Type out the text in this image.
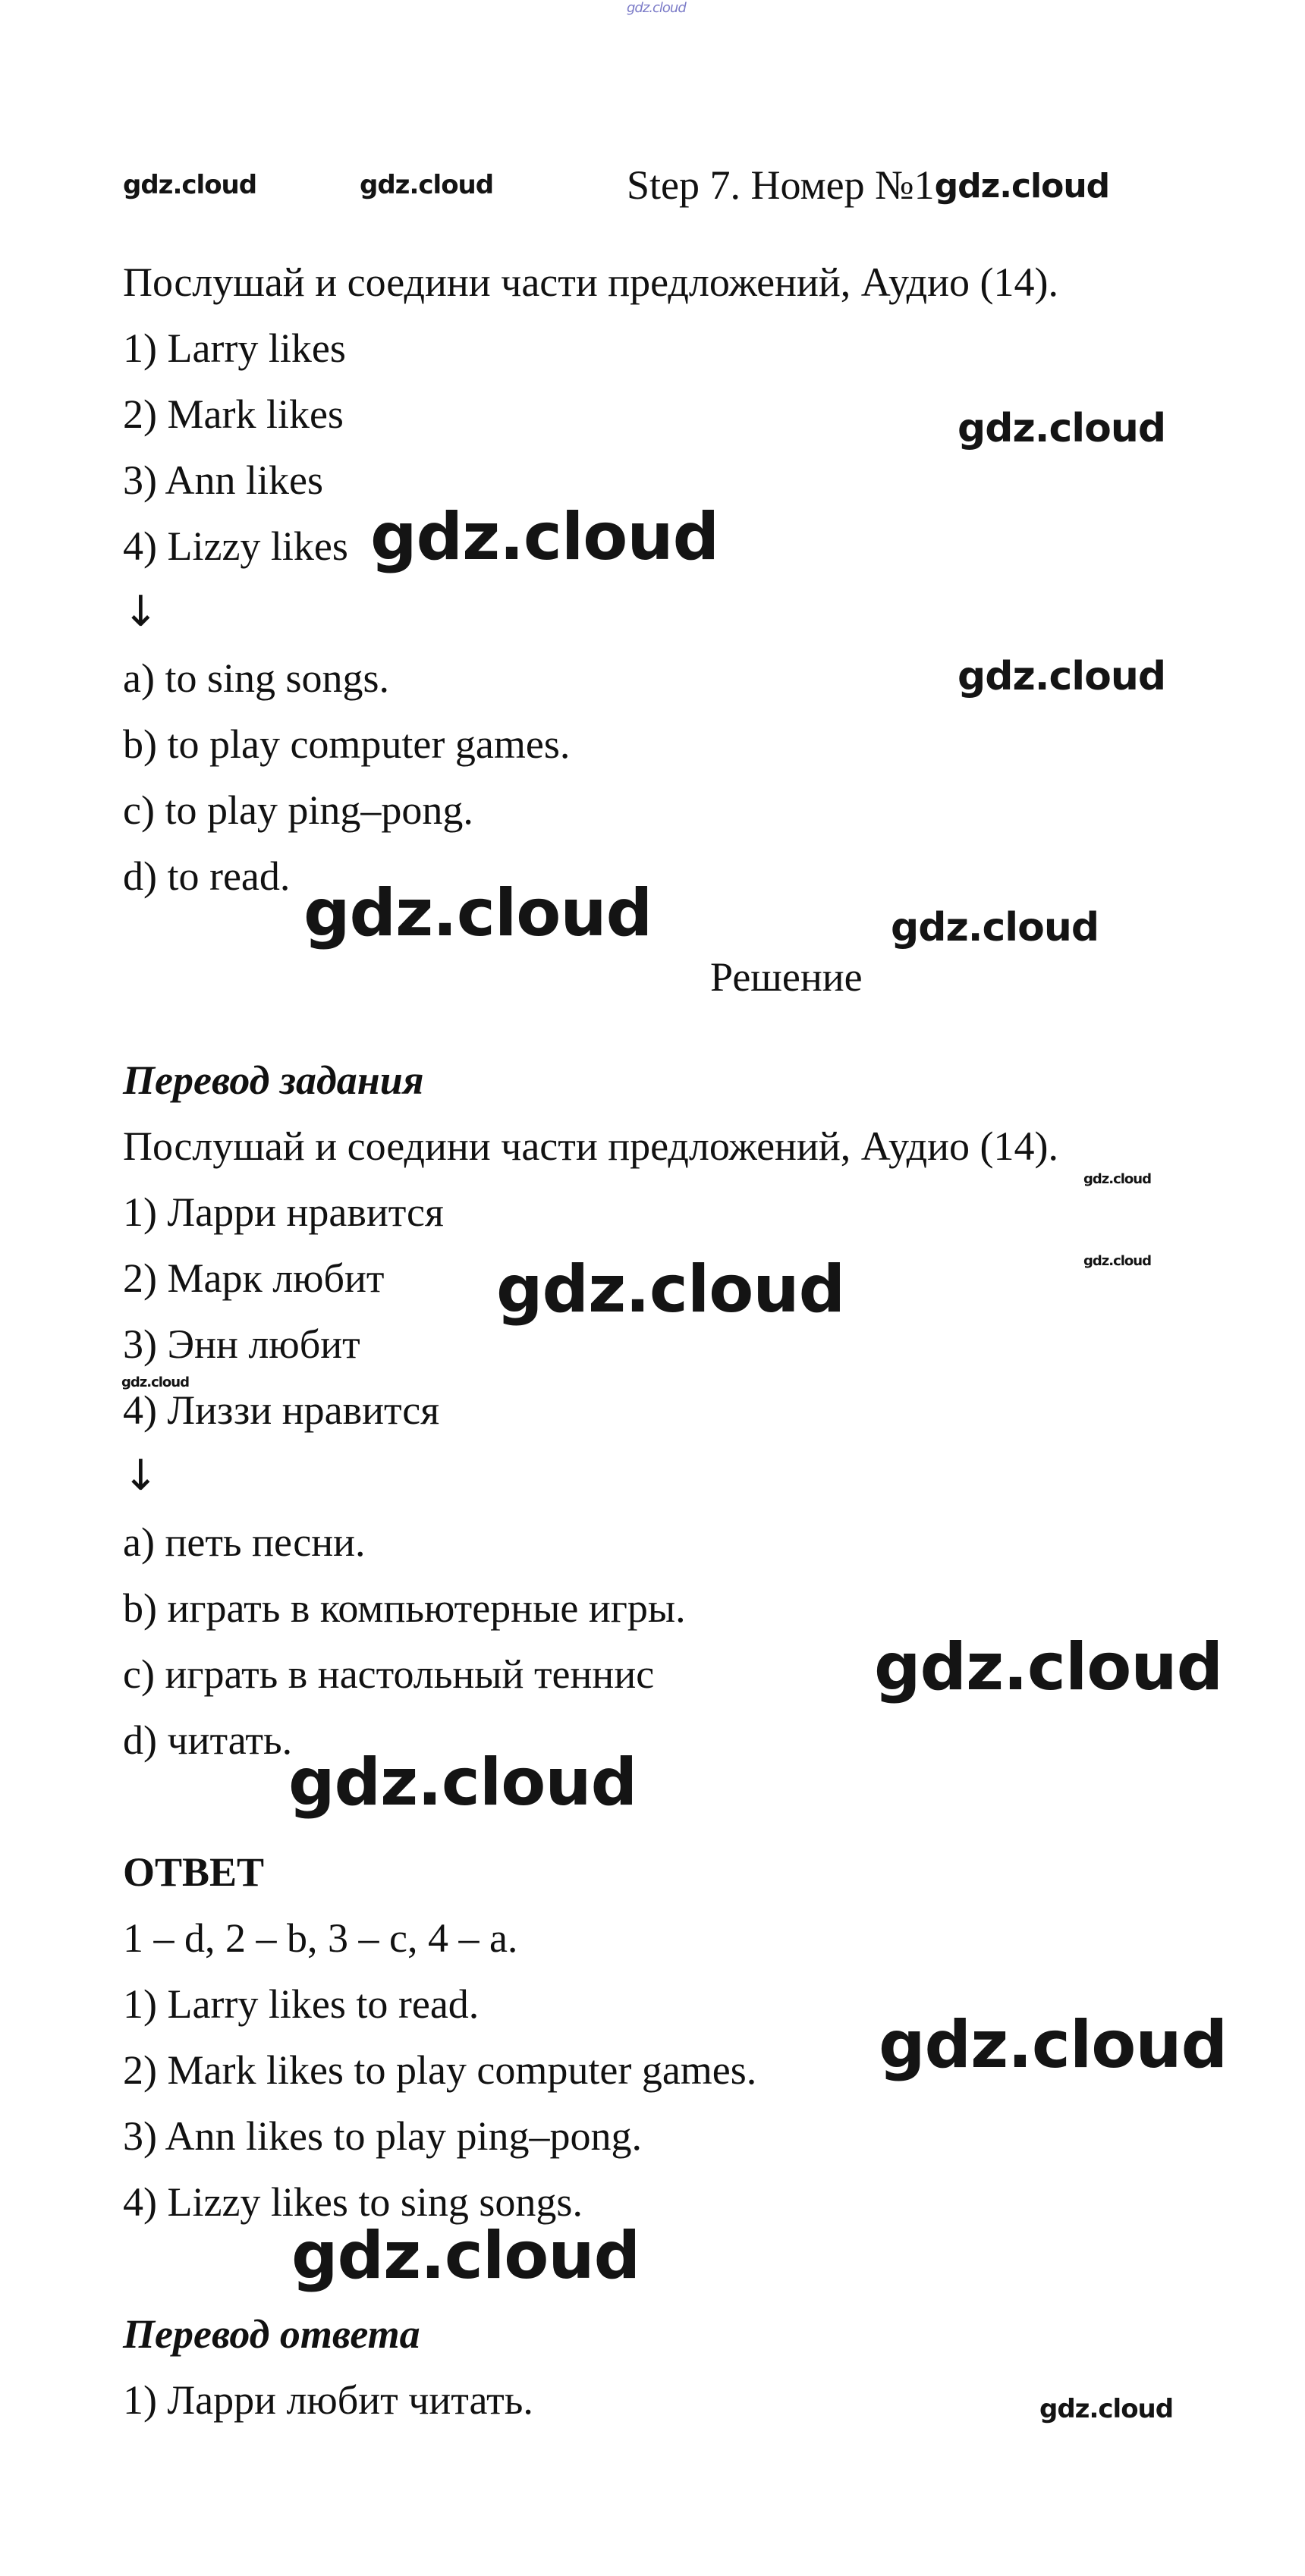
gdz.cloud
gdz.cloud	gdz.cloud	Step 7. Номер №1gdz.cloud
Послушай и соедини части предложений, Аудио (14).
1) Larry likes
2) Mark likes
3) Ann likes
4) Lizzy likes
↓
a) to sing songs.
b) to play computer games.
c) to play ping–pong.
d) to read.
Решение
Перевод задания
Послушай и соедини части предложений, Аудио (14).
1) Ларри нравится
2) Марк любит
3) Энн любит
4) Лиззи нравится
↓
a) петь песни.
b) играть в компьютерные игры.
c) играть в настольный теннис
d) читать.
ОТВЕТ
1 – d, 2 – b, 3 – c, 4 – a.
1) Larry likes to read.
2) Mark likes to play computer games.
3) Ann likes to play ping–pong.
4) Lizzy likes to sing songs.
Перевод ответа
1) Ларри любит читать.
gdz.cloud
gdz.cloud
gdz.cloud
gdz.cloud	gdz.cloud
gdz.cloud
gdz.cloud
gdz.cloud
gdz.cloud
gdz.cloud
gdz.cloud
gdz.cloud
gdz.cloud
gdz.cloud
